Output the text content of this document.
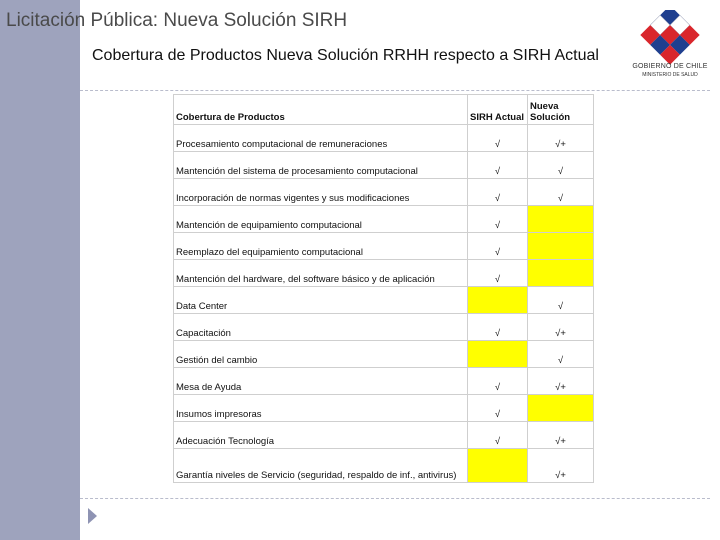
Licitación Pública: Nueva Solución SIRH
Cobertura de Productos Nueva Solución RRHH respecto a SIRH Actual
GOBIERNO DE CHILE
MINISTERIO DE SALUD
Cobertura de Productos	SIRH Actual	Nueva Solución
Procesamiento computacional de remuneraciones	√	√+
Mantención del sistema de procesamiento computacional	√	√
Incorporación de normas vigentes y sus modificaciones	√	√
Mantención de equipamiento computacional	√	
Reemplazo del equipamiento computacional	√	
Mantención del hardware, del software básico y de aplicación	√	
Data Center		√
Capacitación	√	√+
Gestión del cambio		√
Mesa de Ayuda	√	√+
Insumos impresoras	√	
Adecuación Tecnología	√	√+
Garantía niveles de Servicio (seguridad, respaldo de inf., antivirus)		√+
